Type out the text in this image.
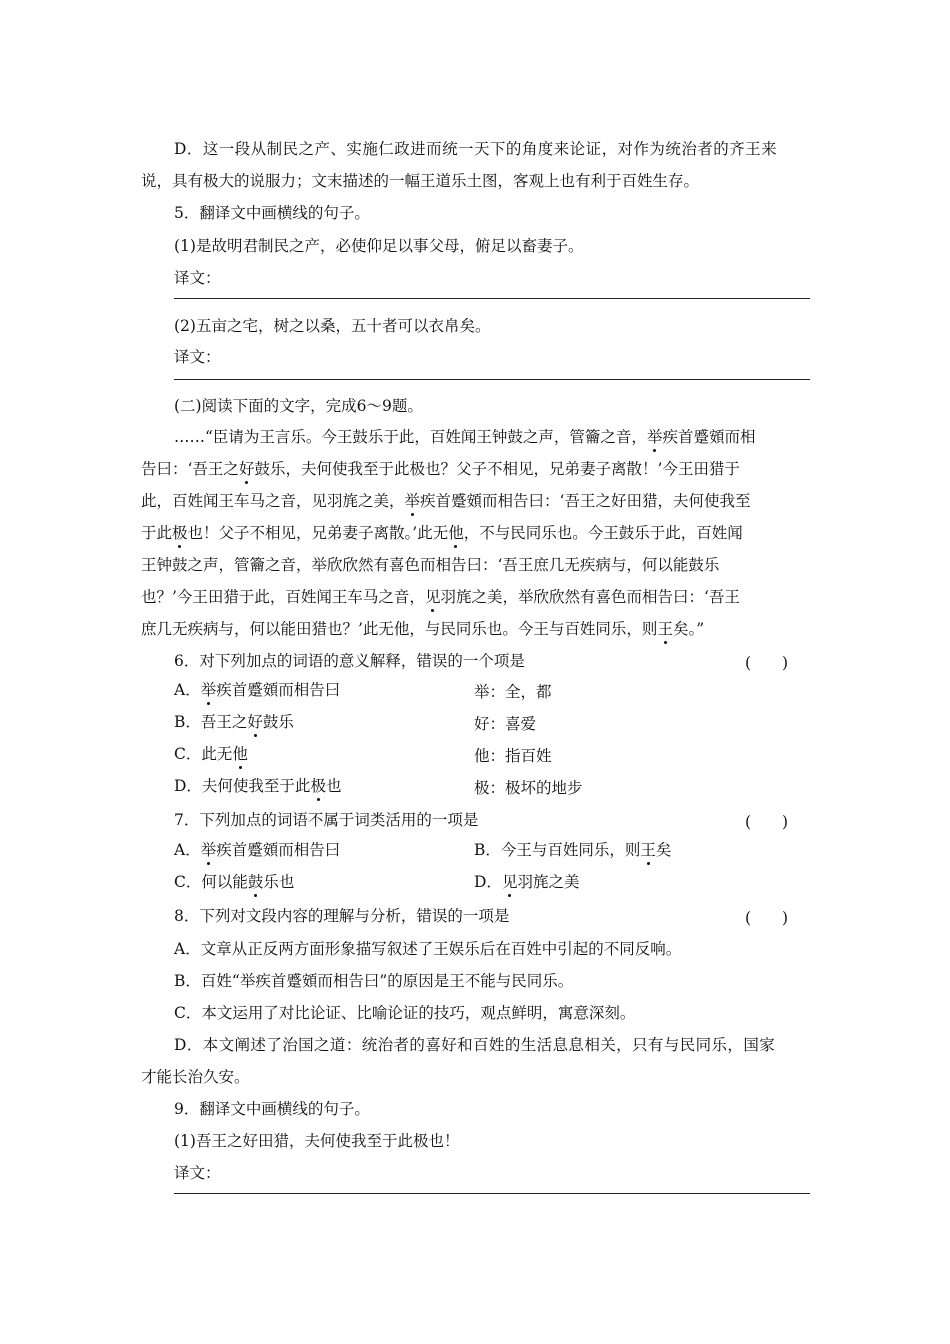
D．这一段从制民之产、实施仁政进而统一天下的角度来论证，对作为统治者的齐王来
说，具有极大的说服力；文末描述的一幅王道乐土图，客观上也有利于百姓生存。
5．翻译文中画横线的句子。
(1)是故明君制民之产，必使仰足以事父母，俯足以畜妻子。
译文：
(2)五亩之宅，树之以桑，五十者可以衣帛矣。
译文：
(二)阅读下面的文字，完成6～9题。
……“臣请为王言乐。今王鼓乐于此，百姓闻王钟鼓之声，管籥之音，举疾首蹙頞而相
告曰：‘吾王之好鼓乐，夫何使我至于此极也？父子不相见，兄弟妻子离散！’今王田猎于
此，百姓闻王车马之音，见羽旄之美，举疾首蹙頞而相告曰：‘吾王之好田猎，夫何使我至
于此极也！父子不相见，兄弟妻子离散。’此无他，不与民同乐也。今王鼓乐于此，百姓闻
王钟鼓之声，管籥之音，举欣欣然有喜色而相告曰：‘吾王庶几无疾病与，何以能鼓乐
也？’今王田猎于此，百姓闻王车马之音，见羽旄之美，举欣欣然有喜色而相告曰：‘吾王
庶几无疾病与，何以能田猎也？’此无他，与民同乐也。今王与百姓同乐，则王矣。”
6．对下列加点的词语的意义解释，错误的一个项是	(　　)
A．举疾首蹙頞而相告曰	举：全，都
B．吾王之好鼓乐	好：喜爱
C．此无他	他：指百姓
D．夫何使我至于此极也	极：极坏的地步
7．下列加点的词语不属于词类活用的一项是	(　　)
A．举疾首蹙頞而相告曰	B．今王与百姓同乐，则王矣
C．何以能鼓乐也	D．见羽旄之美
8．下列对文段内容的理解与分析，错误的一项是	(　　)
A．文章从正反两方面形象描写叙述了王娱乐后在百姓中引起的不同反响。
B．百姓“举疾首蹙頞而相告曰”的原因是王不能与民同乐。
C．本文运用了对比论证、比喻论证的技巧，观点鲜明，寓意深刻。
D．本文阐述了治国之道：统治者的喜好和百姓的生活息息相关，只有与民同乐，国家
才能长治久安。
9．翻译文中画横线的句子。
(1)吾王之好田猎，夫何使我至于此极也！
译文：
